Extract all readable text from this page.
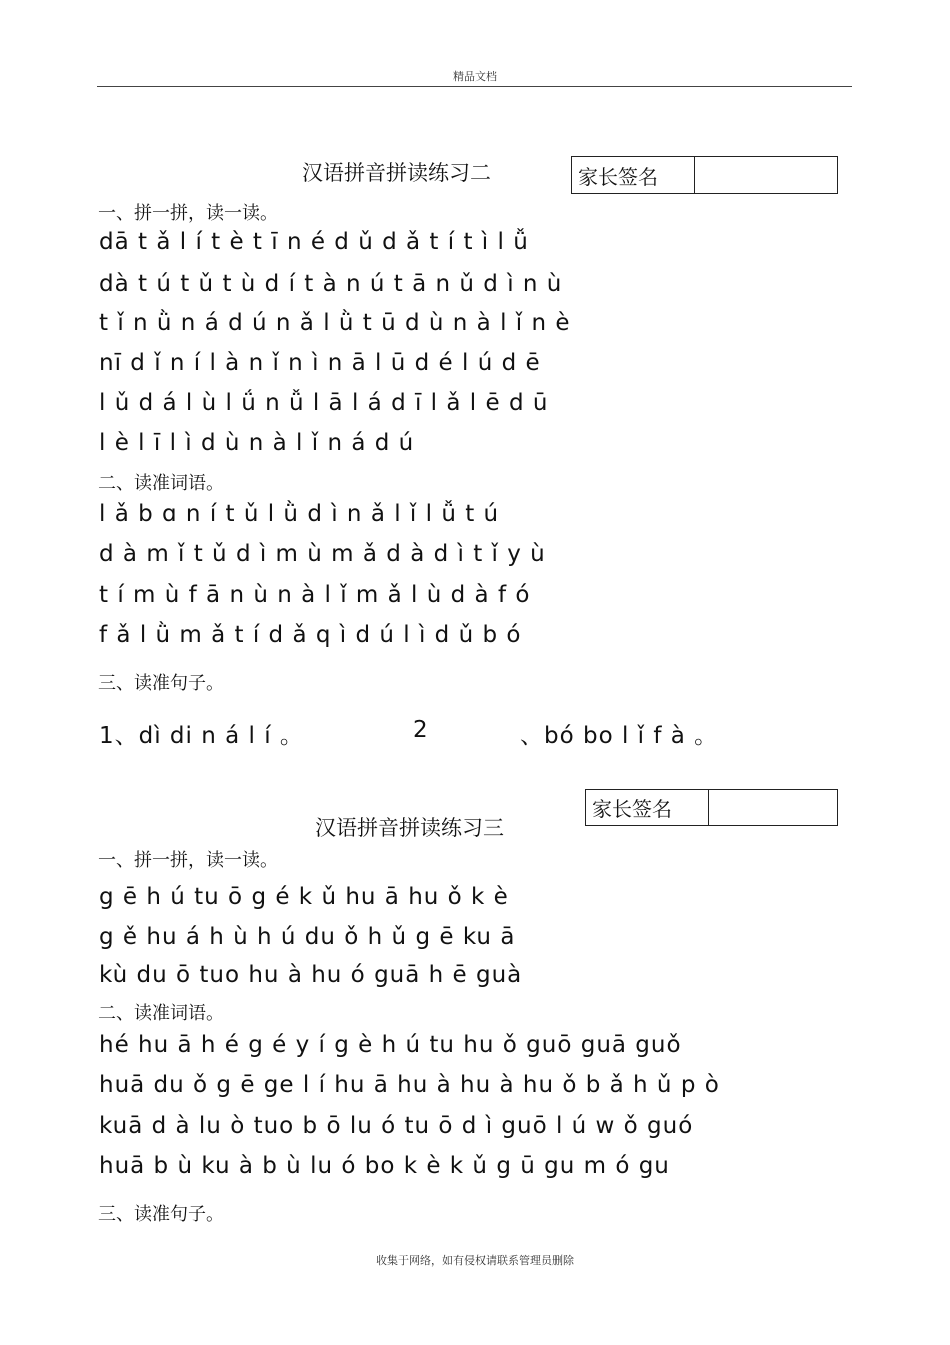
精品文档
汉语拼音拼读练习二	家长签名
一、拼一拼，读一读。
dā t ǎ l í t è t ī n é d ǔ d ǎ t í t ì l ǚ
dà t ú t ǔ t ù d í t à n ú t ā n ǔ d ì n ù
t ǐ n ǜ n á d ú n ǎ l ǜ t ū d ù n à l ǐ n è
nī d ǐ n í l à n ǐ n ì n ā l ū d é l ú d ē
l ǔ d á l ù l ǘ n ǚ l ā l á d ī l ǎ l ē d ū
l è l ī l ì d ù n à l ǐ n á d ú
二、读准词语。
l ǎ b ɑ n í t ǔ l ǜ d ì n ǎ l ǐ l ǚ t ú
d à m ǐ t ǔ d ì m ù m ǎ d à d ì t ǐ y ù
t í m ù f ā n ù n à l ǐ m ǎ l ù d à f ó
f ǎ l ǜ m ǎ t í d ǎ q ì d ú l ì d ǔ b ó
三、读准句子。
1、dì di n á l í 。	2	、bó bo l ǐ f à 。
家长签名
汉语拼音拼读练习三
一、拼一拼，读一读。
g ē h ú tu ō g é k ǔ hu ā hu ǒ k è
g ě hu á h ù h ú du ǒ h ǔ g ē ku ā
kù du ō tuo hu à hu ó guā h ē guà
二、读准词语。
hé hu ā h é g é y í g è h ú tu hu ǒ guō guā guǒ
huā du ǒ g ē ge l í hu ā hu à hu à hu ǒ b ǎ h ǔ p ò
kuā d à lu ò tuo b ō lu ó tu ō d ì guō l ú w ǒ guó
huā b ù ku à b ù lu ó bo k è k ǔ g ū gu m ó gu
三、读准句子。
收集于网络，如有侵权请联系管理员删除
